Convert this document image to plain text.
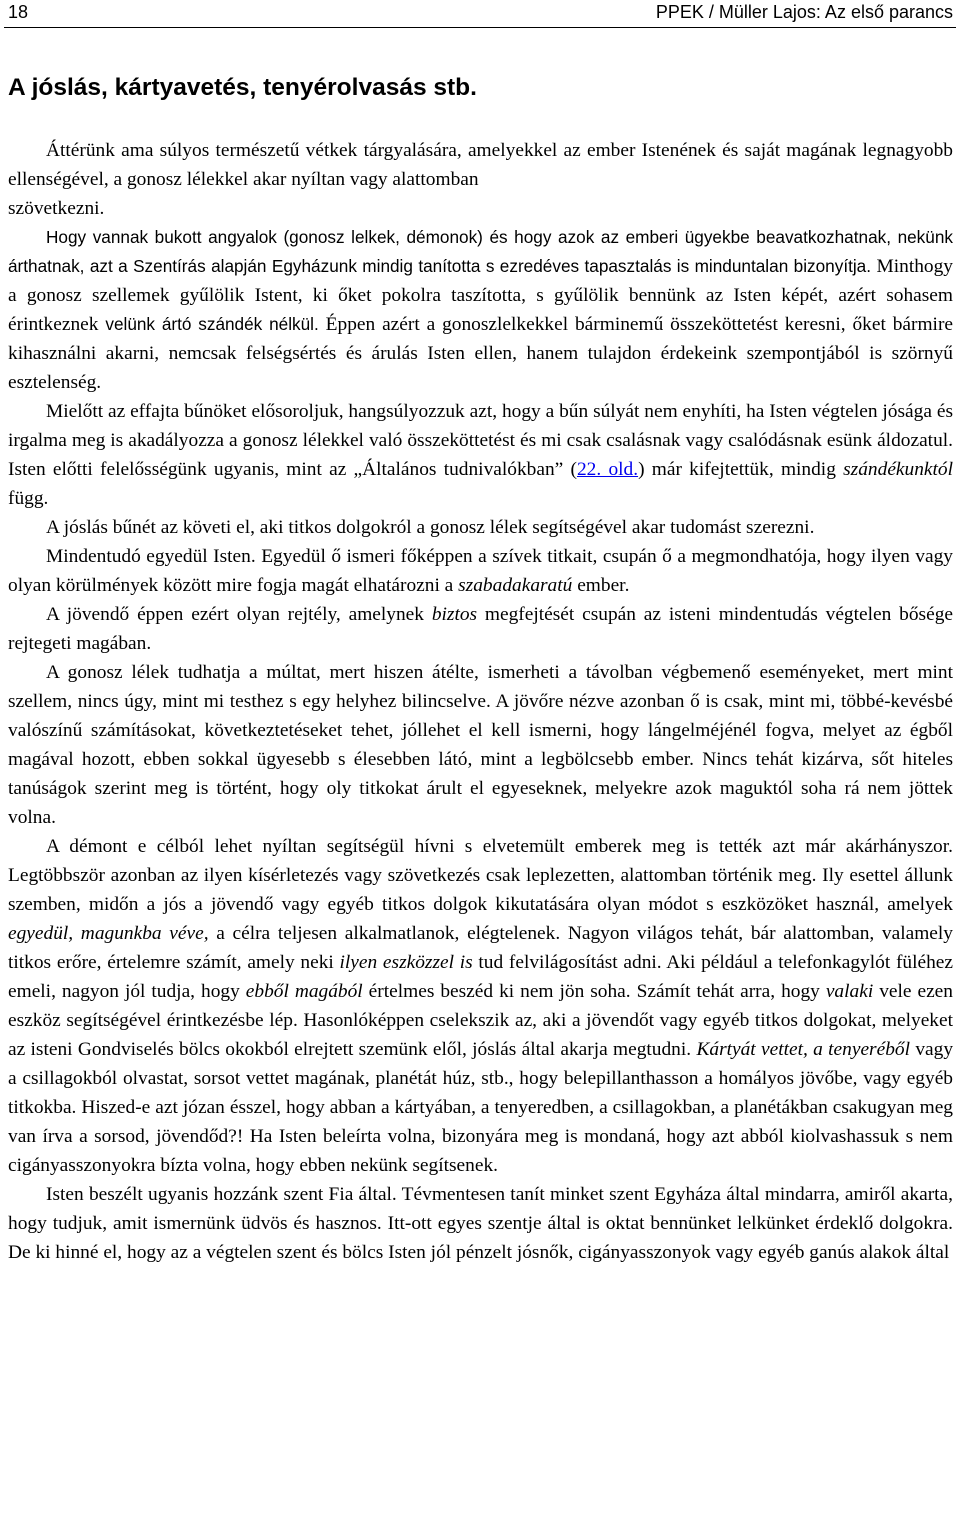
18	PPEK / Müller Lajos: Az első parancs
A jóslás, kártyavetés, tenyérolvasás stb.

Áttérünk ama súlyos természetű vétkek tárgyalására, amelyekkel az ember Istenének és saját magának legnagyobb ellenségével, a gonosz lélekkel akar nyíltan vagy alattomban

szövetkezni.

Hogy vannak bukott angyalok (gonosz lelkek, démonok) és hogy azok az emberi ügyekbe beavatkozhatnak, nekünk árthatnak, azt a Szentírás alapján Egyházunk mindig tanította s ezredéves tapasztalás is minduntalan bizonyítja. Minthogy a gonosz szellemek gyűlölik Istent, ki őket pokolra taszította, s gyűlölik bennünk az Isten képét, azért sohasem érintkeznek velünk ártó szándék nélkül. Éppen azért a gonoszlelkekkel bárminemű összeköttetést keresni, őket bármire kihasználni akarni, nemcsak felségsértés és árulás Isten ellen, hanem tulajdon érdekeink szempontjából is szörnyű esztelenség.

Mielőtt az effajta bűnöket elősoroljuk, hangsúlyozzuk azt, hogy a bűn súlyát nem enyhíti, ha Isten végtelen jósága és irgalma meg is akadályozza a gonosz lélekkel való összeköttetést és mi csak csalásnak vagy csalódásnak esünk áldozatul. Isten előtti felelősségünk ugyanis, mint az „Általános tudnivalókban” (22. old.) már kifejtettük, mindig szándékunktól függ.

A jóslás bűnét az követi el, aki titkos dolgokról a gonosz lélek segítségével akar tudomást szerezni.

Mindentudó egyedül Isten. Egyedül ő ismeri főképpen a szívek titkait, csupán ő a megmondhatója, hogy ilyen vagy olyan körülmények között mire fogja magát elhatározni a szabadakaratú ember.

A jövendő éppen ezért olyan rejtély, amelynek biztos megfejtését csupán az isteni mindentudás végtelen bősége rejtegeti magában.

A gonosz lélek tudhatja a múltat, mert hiszen átélte, ismerheti a távolban végbemenő eseményeket, mert mint szellem, nincs úgy, mint mi testhez s egy helyhez bilincselve. A jövőre nézve azonban ő is csak, mint mi, többé-kevésbé valószínű számításokat, következtetéseket tehet, jóllehet el kell ismerni, hogy lángelméjénél fogva, melyet az égből magával hozott, ebben sokkal ügyesebb s élesebben látó, mint a legbölcsebb ember. Nincs tehát kizárva, sőt hiteles tanúságok szerint meg is történt, hogy oly titkokat árult el egyeseknek, melyekre azok maguktól soha rá nem jöttek volna.

A démont e célból lehet nyíltan segítségül hívni s elvetemült emberek meg is tették azt már akárhányszor. Legtöbbször azonban az ilyen kísérletezés vagy szövetkezés csak leplezetten, alattomban történik meg. Ily esettel állunk szemben, midőn a jós a jövendő vagy egyéb titkos dolgok kikutatására olyan módot s eszközöket használ, amelyek egyedül, magunkba véve, a célra teljesen alkalmatlanok, elégtelenek. Nagyon világos tehát, bár alattomban, valamely titkos erőre, értelemre számít, amely neki ilyen eszközzel is tud felvilágosítást adni. Aki például a telefonkagylót füléhez emeli, nagyon jól tudja, hogy ebből magából értelmes beszéd ki nem jön soha. Számít tehát arra, hogy valaki vele ezen eszköz segítségével érintkezésbe lép. Hasonlóképpen cselekszik az, aki a jövendőt vagy egyéb titkos dolgokat, melyeket az isteni Gondviselés bölcs okokból elrejtett szemünk elől, jóslás által akarja megtudni. Kártyát vettet, a tenyeréből vagy a csillagokból olvastat, sorsot vettet magának, planétát húz, stb., hogy belepillanthasson a homályos jövőbe, vagy egyéb titkokba. Hiszed-e azt józan ésszel, hogy abban a kártyában, a tenyeredben, a csillagokban, a planétákban csakugyan meg van írva a sorsod, jövendőd?! Ha Isten beleírta volna, bizonyára meg is mondaná, hogy azt abból kiolvashassuk s nem cigányasszonyokra bízta volna, hogy ebben nekünk segítsenek.

Isten beszélt ugyanis hozzánk szent Fia által. Tévmentesen tanít minket szent Egyháza által mindarra, amiről akarta, hogy tudjuk, amit ismernünk üdvös és hasznos. Itt-ott egyes szentje által is oktat bennünket lelkünket érdeklő dolgokra. De ki hinné el, hogy az a végtelen szent és bölcs Isten jól pénzelt jósnők, cigányasszonyok vagy egyéb ganús alakok által
